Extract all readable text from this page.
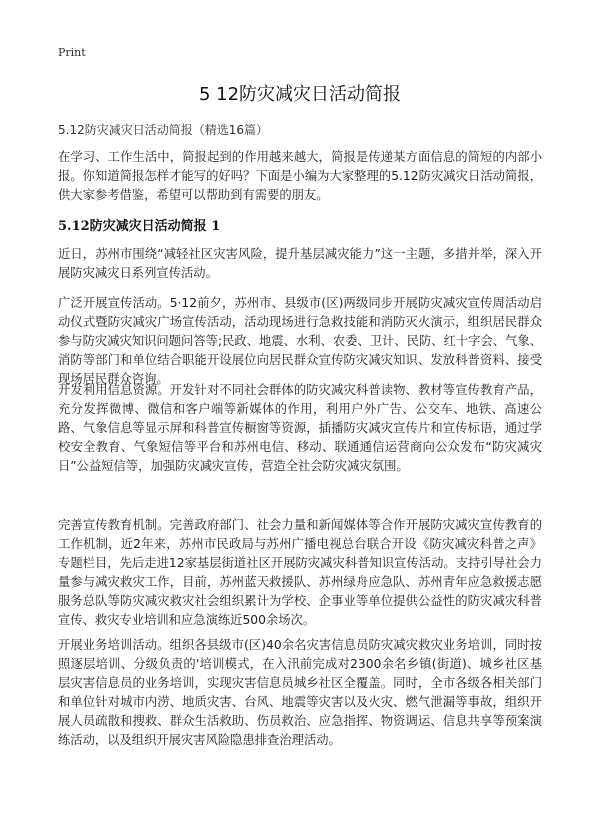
Print
5 12防灾减灾日活动简报
5.12防灾减灾日活动简报（精选16篇）

在学习、工作生活中，简报起到的作用越来越大，简报是传递某方面信息的简短的内部小报。你知道简报怎样才能写的好吗？下面是小编为大家整理的5.12防灾减灾日活动简报，供大家参考借鉴，希望可以帮助到有需要的朋友。

5.12防灾减灾日活动简报 1

近日，苏州市围绕“减轻社区灾害风险，提升基层减灾能力”这一主题，多措并举，深入开展防灾减灾日系列宣传活动。

广泛开展宣传活动。5·12前夕，苏州市、县级市(区)两级同步开展防灾减灾宣传周活动启动仪式暨防灾减灾广场宣传活动，活动现场进行急救技能和消防灭火演示，组织居民群众参与防灾减灾知识问题问答等;民政、地震、水利、农委、卫计、民防、红十字会、气象、消防等部门和单位结合职能开设展位向居民群众宣传防灾减灾知识、发放科普资料、接受现场居民群众咨询。

开发利用信息资源。开发针对不同社会群体的防灾减灾科普读物、教材等宣传教育产品，充分发挥微博、微信和客户端等新媒体的作用，利用户外广告、公交车、地铁、高速公路、气象信息等显示屏和科普宣传橱窗等资源，插播防灾减灾宣传片和宣传标语，通过学校安全教育、气象短信等平台和苏州电信、移动、联通通信运营商向公众发布“防灾减灾日”公益短信等，加强防灾减灾宣传，营造全社会防灾减灾氛围。

完善宣传教育机制。完善政府部门、社会力量和新闻媒体等合作开展防灾减灾宣传教育的工作机制，近2年来，苏州市民政局与苏州广播电视总台联合开设《防灾减灾科普之声》专题栏目，先后走进12家基层街道社区开展防灾减灾科普知识宣传活动。支持引导社会力量参与减灾救灾工作，目前，苏州蓝天救援队、苏州绿舟应急队、苏州青年应急救援志愿服务总队等防灾减灾救灾社会组织累计为学校、企事业等单位提供公益性的防灾减灾科普宣传、救灾专业培训和应急演练近500余场次。

开展业务培训活动。组织各县级市(区)40余名灾害信息员防灾减灾救灾业务培训，同时按照逐层培训、分级负责的'培训模式，在入汛前完成对2300余名乡镇(街道)、城乡社区基层灾害信息员的业务培训，实现灾害信息员城乡社区全覆盖。同时，全市各级各相关部门和单位针对城市内涝、地质灾害、台风、地震等灾害以及火灾、燃气泄漏等事故，组织开展人员疏散和搜救、群众生活救助、伤员救治、应急指挥、物资调运、信息共享等预案演练活动，以及组织开展灾害风险隐患排查治理活动。
